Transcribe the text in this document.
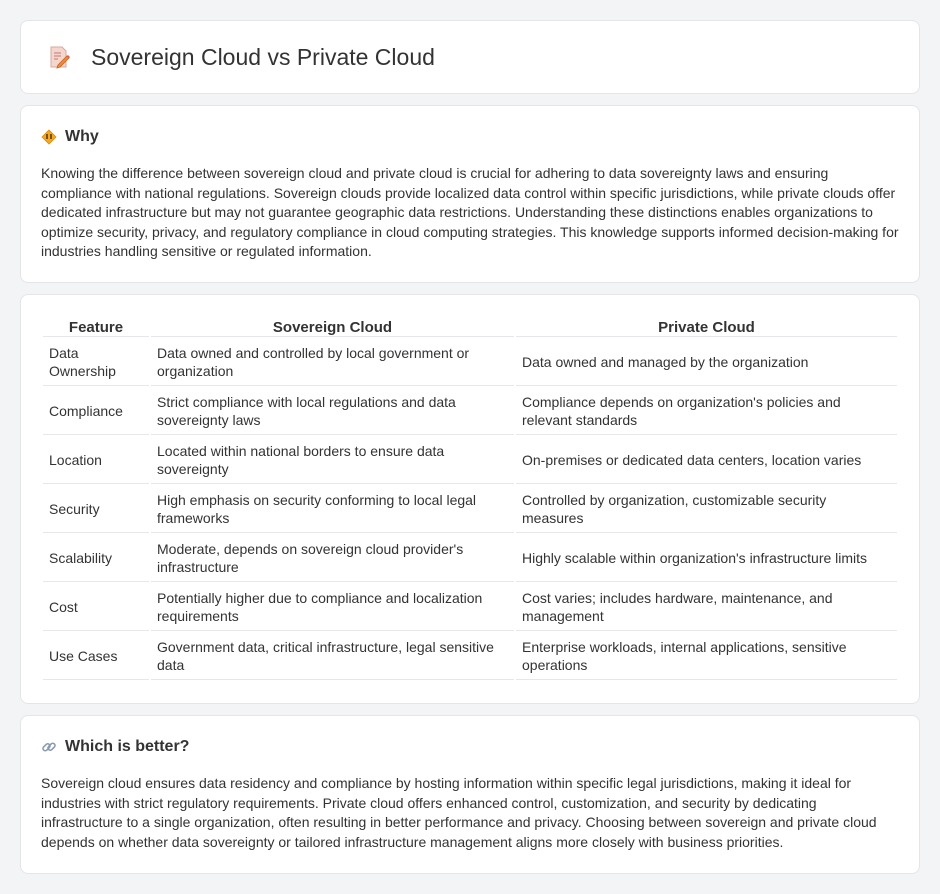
Sovereign Cloud vs Private Cloud
Why

Knowing the difference between sovereign cloud and private cloud is crucial for adhering to data sovereignty laws and ensuring compliance with national regulations. Sovereign clouds provide localized data control within specific jurisdictions, while private clouds offer dedicated infrastructure but may not guarantee geographic data restrictions. Understanding these distinctions enables organizations to optimize security, privacy, and regulatory compliance in cloud computing strategies. This knowledge supports informed decision-making for industries handling sensitive or regulated information.

Feature	Sovereign Cloud	Private Cloud
Data Ownership	Data owned and controlled by local government or organization	Data owned and managed by the organization
Compliance	Strict compliance with local regulations and data sovereignty laws	Compliance depends on organization's policies and relevant standards
Location	Located within national borders to ensure data sovereignty	On-premises or dedicated data centers, location varies
Security	High emphasis on security conforming to local legal frameworks	Controlled by organization, customizable security measures
Scalability	Moderate, depends on sovereign cloud provider's infrastructure	Highly scalable within organization's infrastructure limits
Cost	Potentially higher due to compliance and localization requirements	Cost varies; includes hardware, maintenance, and management
Use Cases	Government data, critical infrastructure, legal sensitive data	Enterprise workloads, internal applications, sensitive operations
Which is better?

Sovereign cloud ensures data residency and compliance by hosting information within specific legal jurisdictions, making it ideal for industries with strict regulatory requirements. Private cloud offers enhanced control, customization, and security by dedicating infrastructure to a single organization, often resulting in better performance and privacy. Choosing between sovereign and private cloud depends on whether data sovereignty or tailored infrastructure management aligns more closely with business priorities.
